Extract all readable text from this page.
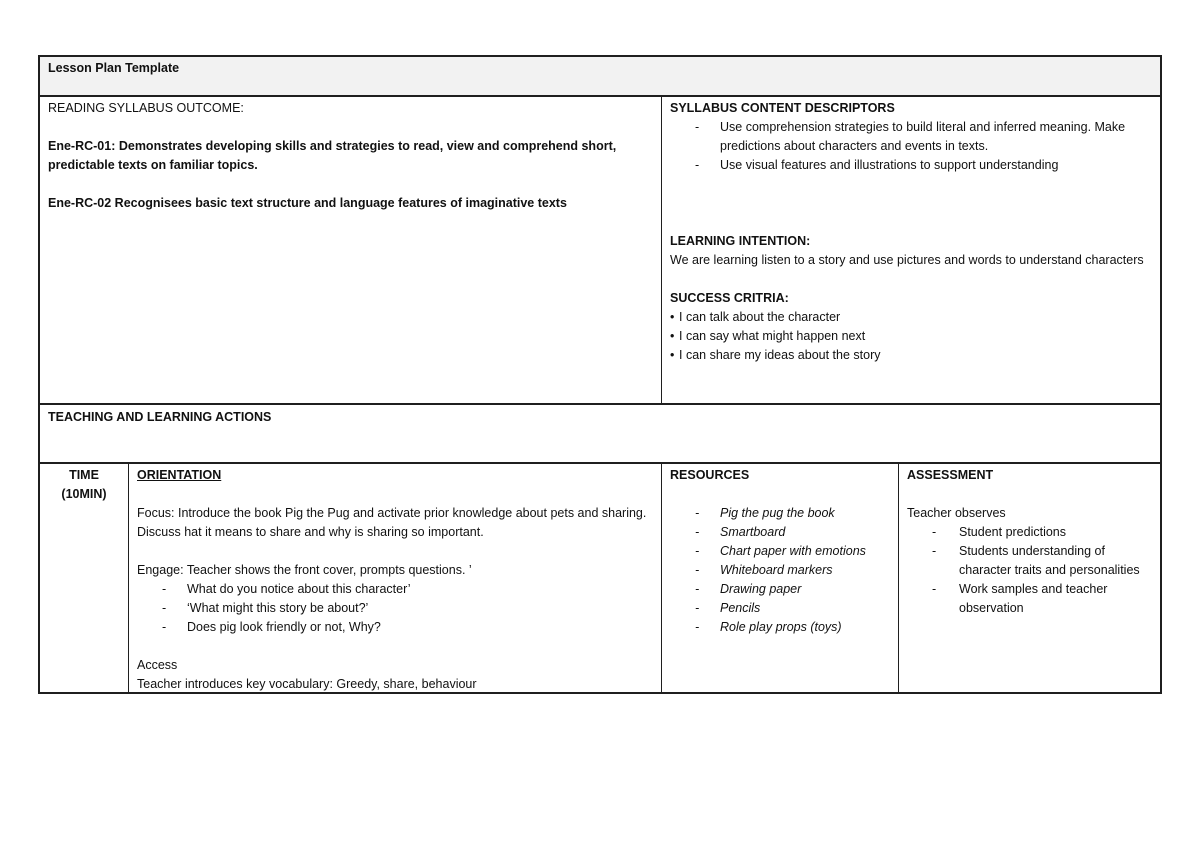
Lesson Plan Template
READING SYLLABUS OUTCOME:
Ene-RC-01: Demonstrates developing skills and strategies to read, view and comprehend short, predictable texts on familiar topics.
Ene-RC-02 Recognisees basic text structure and language features of imaginative texts
SYLLABUS CONTENT DESCRIPTORS
- Use comprehension strategies to build literal and inferred meaning. Make predictions about characters and events in texts.
- Use visual features and illustrations to support understanding
LEARNING INTENTION:
We are learning listen to a story and use pictures and words to understand characters
SUCCESS CRITRIA:
• I can talk about the character
• I can say what might happen next
• I can share my ideas about the story
TEACHING AND LEARNING ACTIONS
TIME
(10MIN)
ORIENTATION
Focus: Introduce the book Pig the Pug and activate prior knowledge about pets and sharing. Discuss hat it means to share and why is sharing so important.
Engage: Teacher shows the front cover, prompts questions. ’
- What do you notice about this character’
- ‘What might this story be about?’
- Does pig look friendly or not, Why?
Access
Teacher introduces key vocabulary: Greedy, share, behaviour
RESOURCES
- Pig the pug the book
- Smartboard
- Chart paper with emotions
- Whiteboard markers
- Drawing paper
- Pencils
- Role play props (toys)
ASSESSMENT
Teacher observes
- Student predictions
- Students understanding of character traits and personalities
- Work samples and teacher observation
